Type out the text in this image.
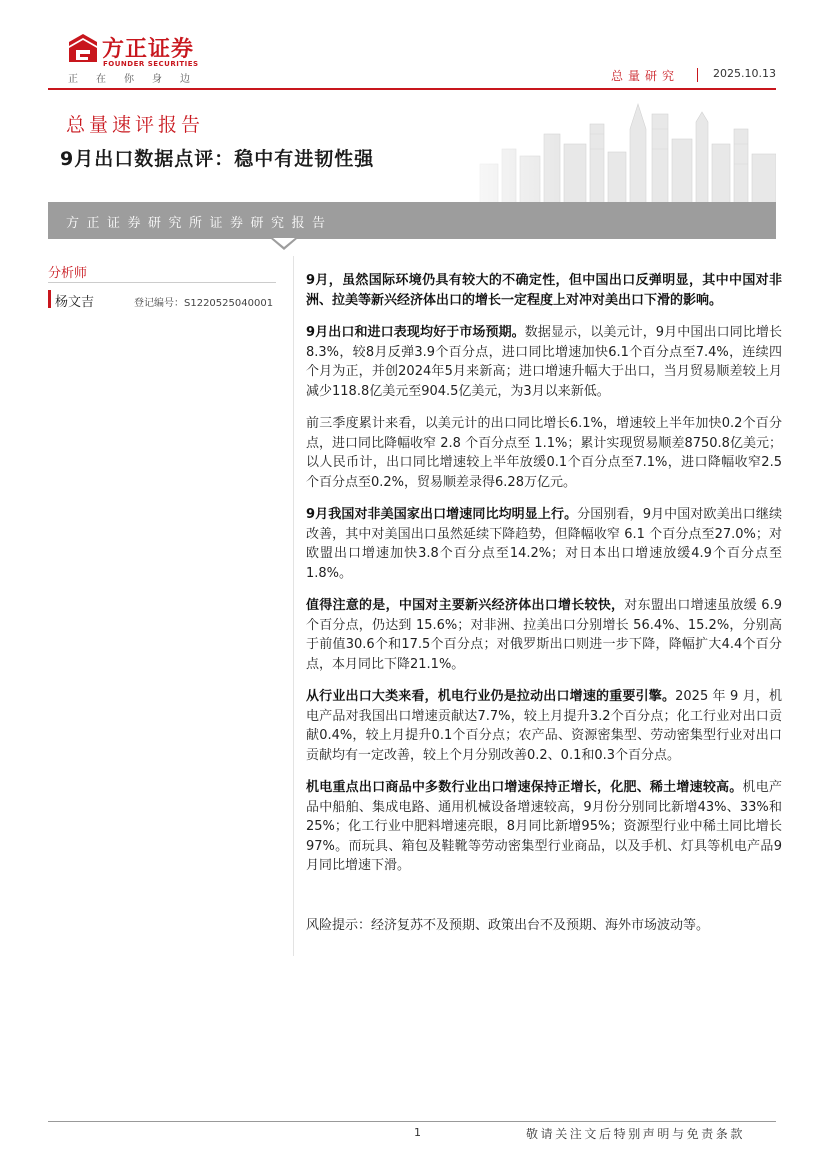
方正证券
FOUNDER SECURITIES
正在你身边	总量研究	2025.10.13
总量速评报告
9月出口数据点评：稳中有进韧性强
方正证券研究所证券研究报告
分析师
杨文吉	登记编号：S1220525040001

9月，虽然国际环境仍具有较大的不确定性，但中国出口反弹明显，其中中国对非洲、拉美等新兴经济体出口的增长一定程度上对冲对美出口下滑的影响。

9月出口和进口表现均好于市场预期。数据显示，以美元计，9月中国出口同比增长8.3%，较8月反弹3.9个百分点，进口同比增速加快6.1个百分点至7.4%，连续四个月为正，并创2024年5月来新高；进口增速升幅大于出口，当月贸易顺差较上月减少118.8亿美元至904.5亿美元，为3月以来新低。

前三季度累计来看，以美元计的出口同比增长6.1%，增速较上半年加快0.2个百分点，进口同比降幅收窄 2.8 个百分点至 1.1%；累计实现贸易顺差8750.8亿美元；以人民币计，出口同比增速较上半年放缓0.1个百分点至7.1%，进口降幅收窄2.5个百分点至0.2%，贸易顺差录得6.28万亿元。

9月我国对非美国家出口增速同比均明显上行。分国别看，9月中国对欧美出口继续改善，其中对美国出口虽然延续下降趋势，但降幅收窄 6.1 个百分点至27.0%；对欧盟出口增速加快3.8个百分点至14.2%；对日本出口增速放缓4.9个百分点至1.8%。

值得注意的是，中国对主要新兴经济体出口增长较快，对东盟出口增速虽放缓 6.9 个百分点，仍达到 15.6%；对非洲、拉美出口分别增长 56.4%、15.2%，分别高于前值30.6个和17.5个百分点；对俄罗斯出口则进一步下降，降幅扩大4.4个百分点，本月同比下降21.1%。

从行业出口大类来看，机电行业仍是拉动出口增速的重要引擎。2025 年 9 月，机电产品对我国出口增速贡献达7.7%，较上月提升3.2个百分点；化工行业对出口贡献0.4%，较上月提升0.1个百分点；农产品、资源密集型、劳动密集型行业对出口贡献均有一定改善，较上个月分别改善0.2、0.1和0.3个百分点。

机电重点出口商品中多数行业出口增速保持正增长，化肥、稀土增速较高。机电产品中船舶、集成电路、通用机械设备增速较高，9月份分别同比新增43%、33%和25%；化工行业中肥料增速亮眼，8月同比新增95%；资源型行业中稀土同比增长97%。而玩具、箱包及鞋靴等劳动密集型行业商品，以及手机、灯具等机电产品9月同比增速下滑。

风险提示：经济复苏不及预期、政策出台不及预期、海外市场波动等。
1	敬请关注文后特别声明与免责条款
